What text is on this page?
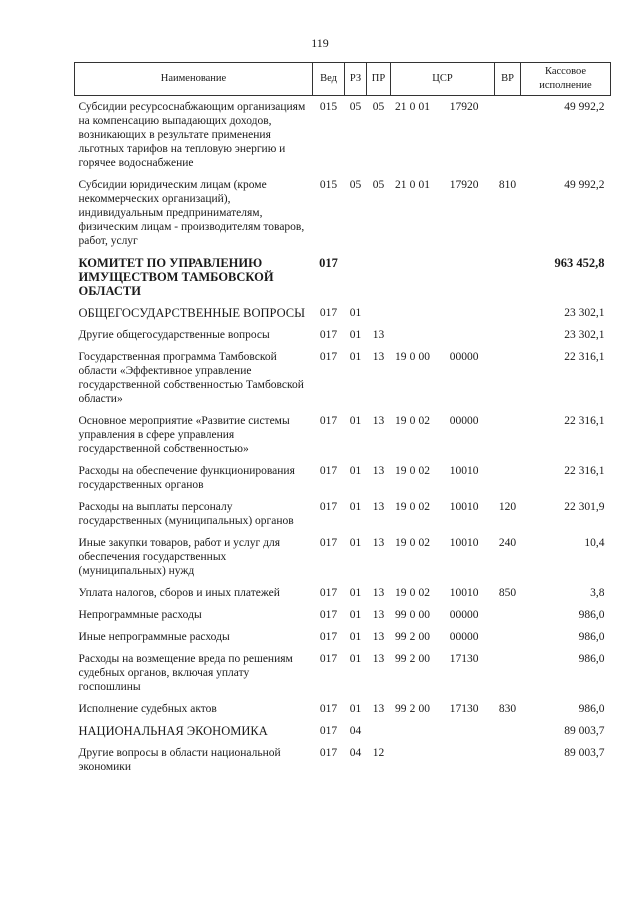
119
Наименование	Вед	РЗ	ПР	ЦСР	ВР	Кассовое исполнение

Субсидии ресурсоснабжающим организациям на компенсацию выпадающих доходов, возникающих в результате применения льготных тарифов на тепловую энергию и горячее водоснабжение	015	05	05	21 0 01 17920		49 992,2
Субсидии юридическим лицам (кроме некоммерческих организаций), индивидуальным предпринимателям, физическим лицам - производителям товаров, работ, услуг	015	05	05	21 0 01 17920	810	49 992,2
КОМИТЕТ ПО УПРАВЛЕНИЮ ИМУЩЕСТВОМ ТАМБОВСКОЙ ОБЛАСТИ	017					963 452,8
ОБЩЕГОСУДАРСТВЕННЫЕ ВОПРОСЫ	017	01				23 302,1
Другие общегосударственные вопросы	017	01	13			23 302,1
Государственная программа Тамбовской области «Эффективное управление государственной собственностью Тамбовской области»	017	01	13	19 0 00 00000		22 316,1
Основное мероприятие «Развитие системы управления в сфере управления государственной собственностью»	017	01	13	19 0 02 00000		22 316,1
Расходы на обеспечение функционирования государственных органов	017	01	13	19 0 02 10010		22 316,1
Расходы на выплаты персоналу государственных (муниципальных) органов	017	01	13	19 0 02 10010	120	22 301,9
Иные закупки товаров, работ и услуг для обеспечения государственных (муниципальных) нужд	017	01	13	19 0 02 10010	240	10,4
Уплата налогов, сборов и иных платежей	017	01	13	19 0 02 10010	850	3,8
Непрограммные расходы	017	01	13	99 0 00 00000		986,0
Иные непрограммные расходы	017	01	13	99 2 00 00000		986,0
Расходы на возмещение вреда по решениям судебных органов, включая уплату госпошлины	017	01	13	99 2 00 17130		986,0
Исполнение судебных актов	017	01	13	99 2 00 17130	830	986,0
НАЦИОНАЛЬНАЯ ЭКОНОМИКА	017	04				89 003,7
Другие вопросы в области национальной экономики	017	04	12			89 003,7
